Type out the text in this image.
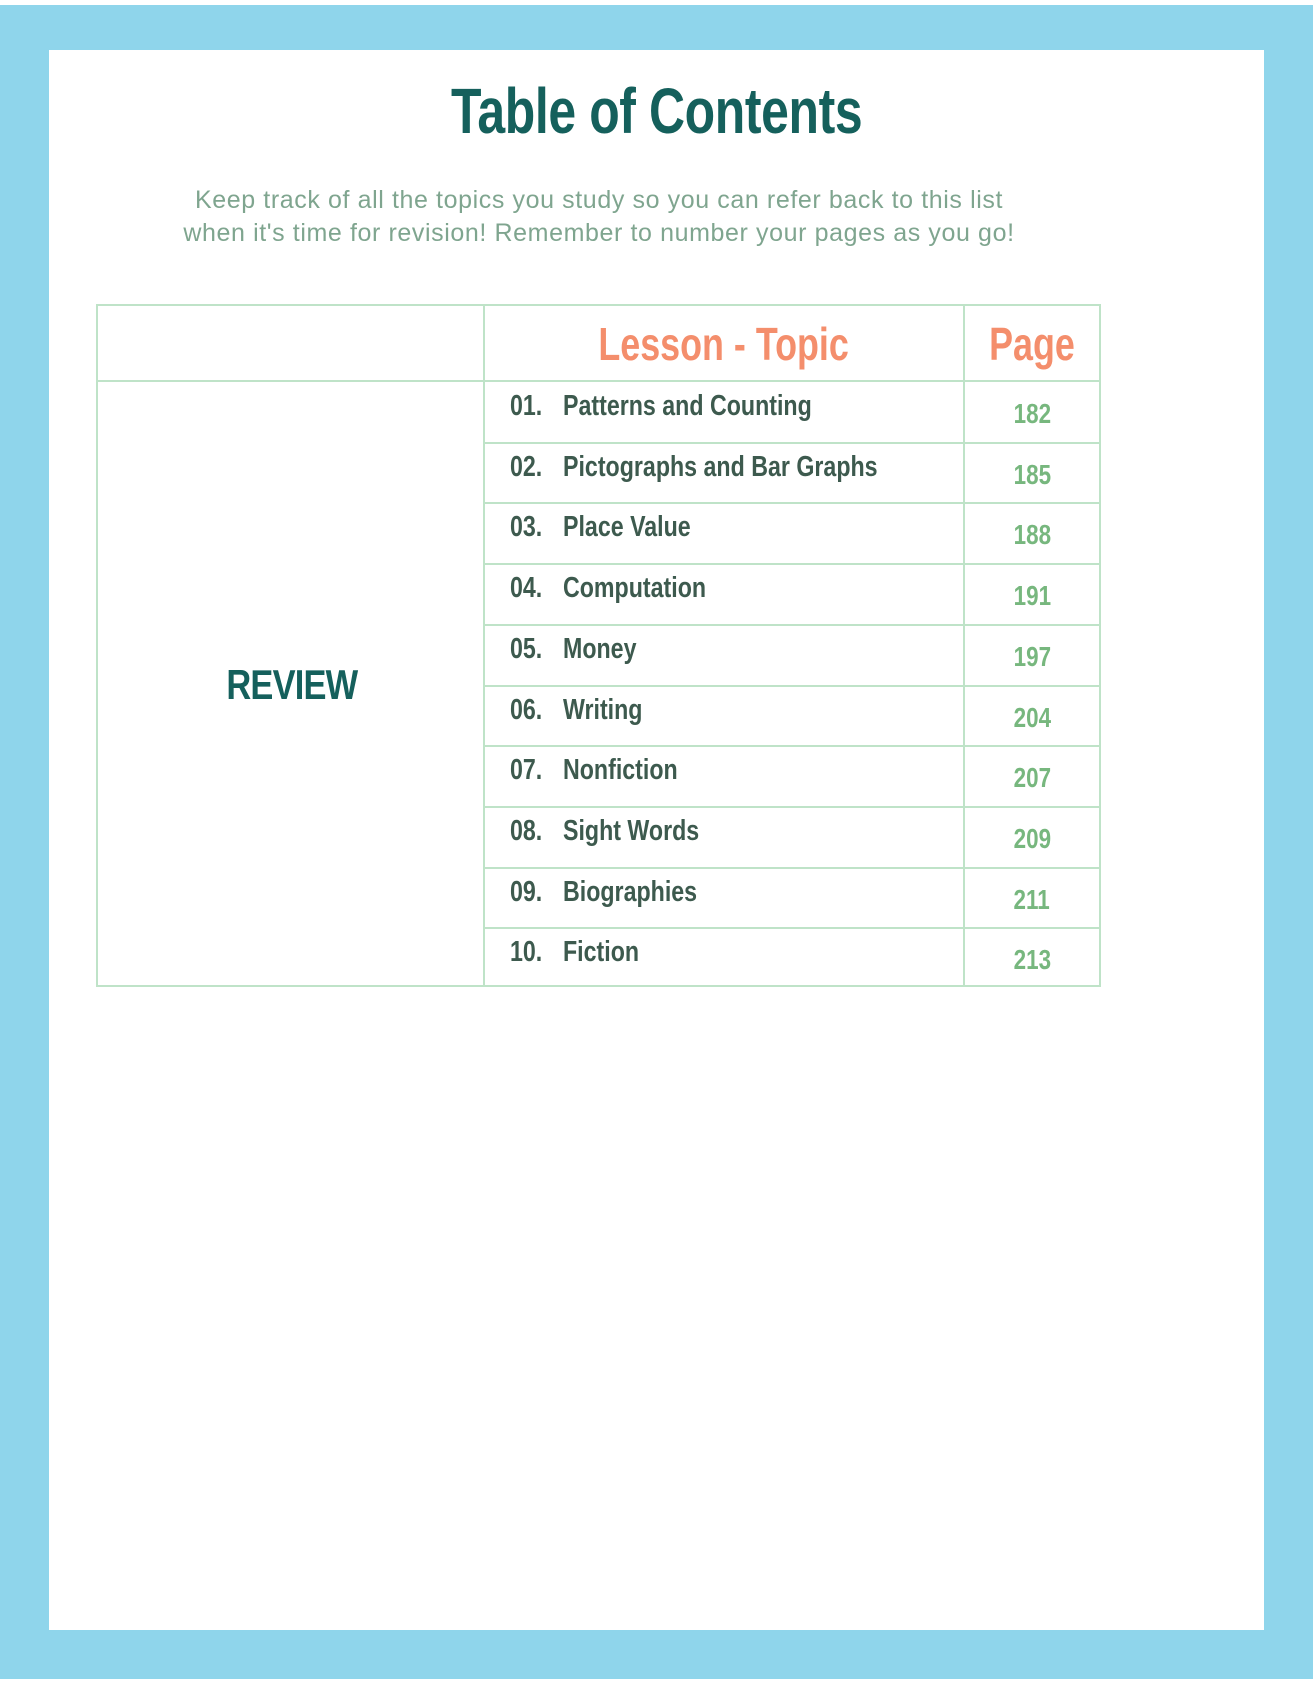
Table of Contents
Keep track of all the topics you study so you can refer back to this list
when it's time for revision! Remember to number your pages as you go!
Lesson - Topic	Page
REVIEW
01. Patterns and Counting	182
02. Pictographs and Bar Graphs	185
03. Place Value	188
04. Computation	191
05. Money	197
06. Writing	204
07. Nonfiction	207
08. Sight Words	209
09. Biographies	211
10. Fiction	213
